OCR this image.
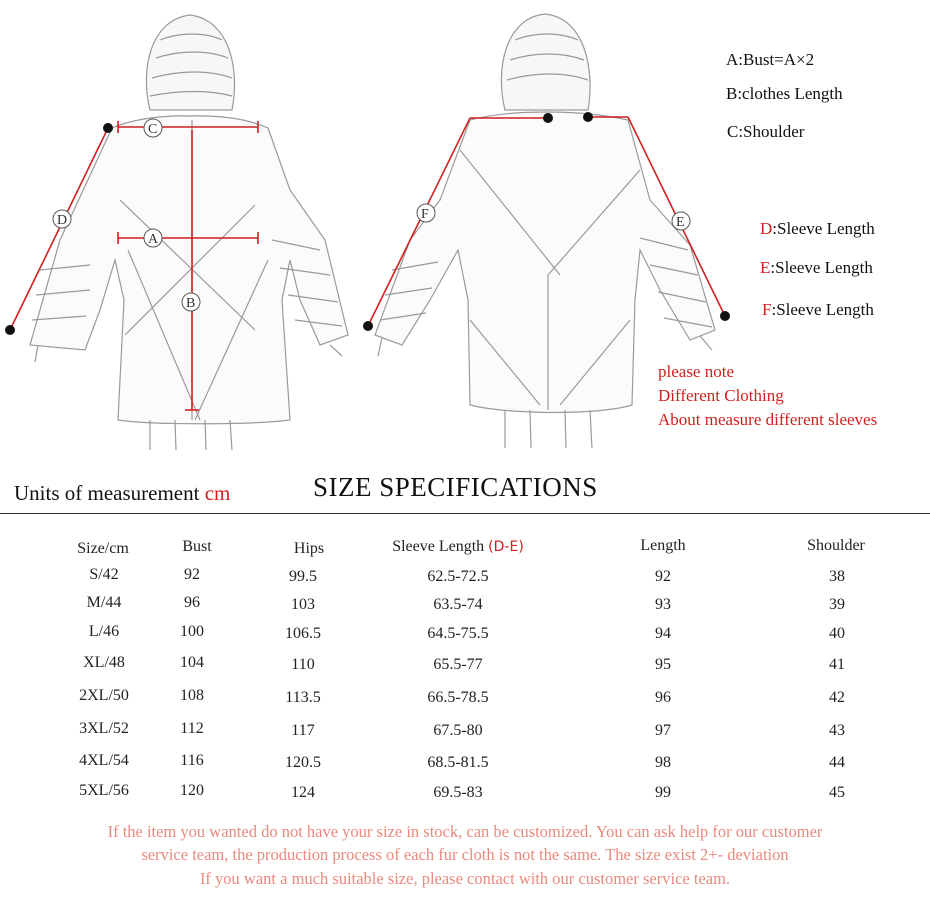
C
A
B
D	F
E
A:Bust=A×2
B:clothes Length
C:Shoulder
D:Sleeve Length
E:Sleeve Length
F:Sleeve Length
please note
Different Clothing
About measure different sleeves
Units of measurement cm	SIZE SPECIFICATIONS
Size/cm	Bust	Hips	Sleeve Length (D-E)	Length	Shoulder
S/42	92	99.5	62.5-72.5	92	38
M/44	96	103	63.5-74	93	39
L/46	100	106.5	64.5-75.5	94	40
XL/48	104	110	65.5-77	95	41
2XL/50	108	113.5	66.5-78.5	96	42
3XL/52	112	117	67.5-80	97	43
4XL/54	116	120.5	68.5-81.5	98	44
5XL/56	120	124	69.5-83	99	45
If the item you wanted do not have your size in stock, can be customized. You can ask help for our customer
service team, the production process of each fur cloth is not the same. The size exist 2+- deviation
If you want a much suitable size, please contact with our customer service team.
